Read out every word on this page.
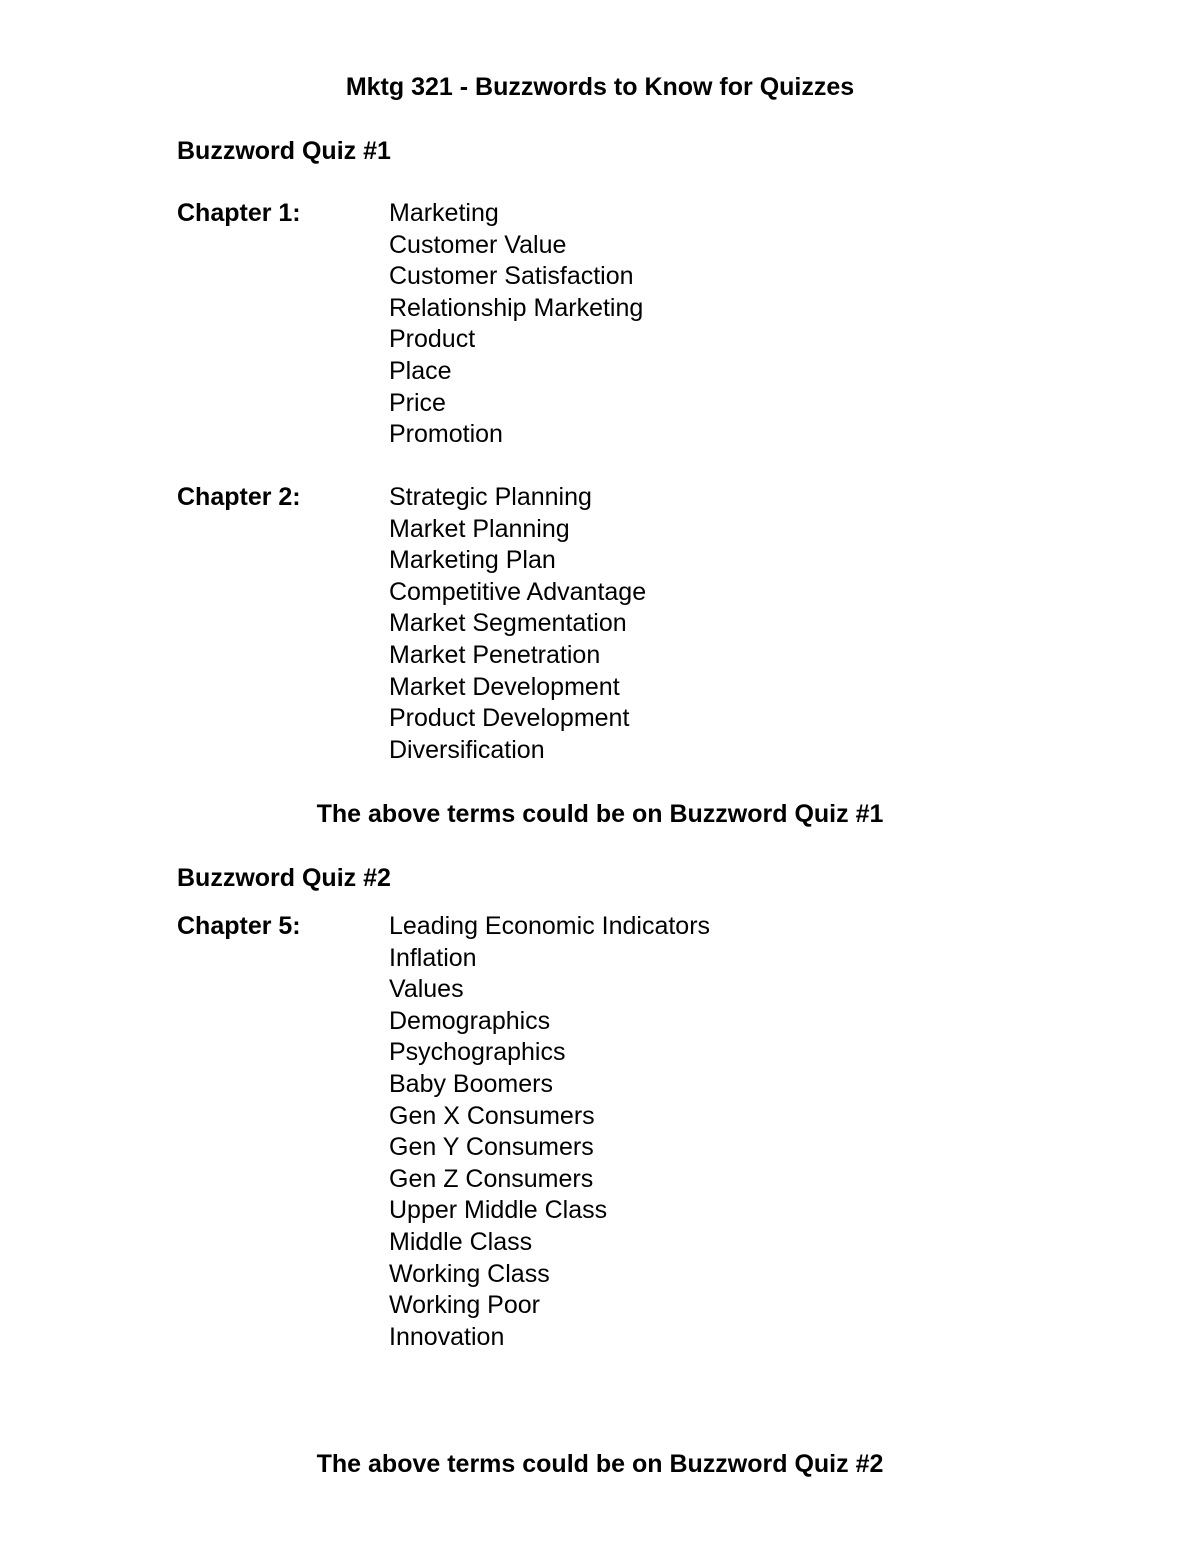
Mktg 321 - Buzzwords to Know for Quizzes
Buzzword Quiz #1
Chapter 1:	Marketing
Customer Value
Customer Satisfaction
Relationship Marketing
Product
Place
Price
Promotion
Chapter 2:	Strategic Planning
Market Planning
Marketing Plan
Competitive Advantage
Market Segmentation
Market Penetration
Market Development
Product Development
Diversification
The above terms could be on Buzzword Quiz #1
Buzzword Quiz #2
Chapter 5:	Leading Economic Indicators
Inflation
Values
Demographics
Psychographics
Baby Boomers
Gen X Consumers
Gen Y Consumers
Gen Z Consumers
Upper Middle Class
Middle Class
Working Class
Working Poor
Innovation
The above terms could be on Buzzword Quiz #2
